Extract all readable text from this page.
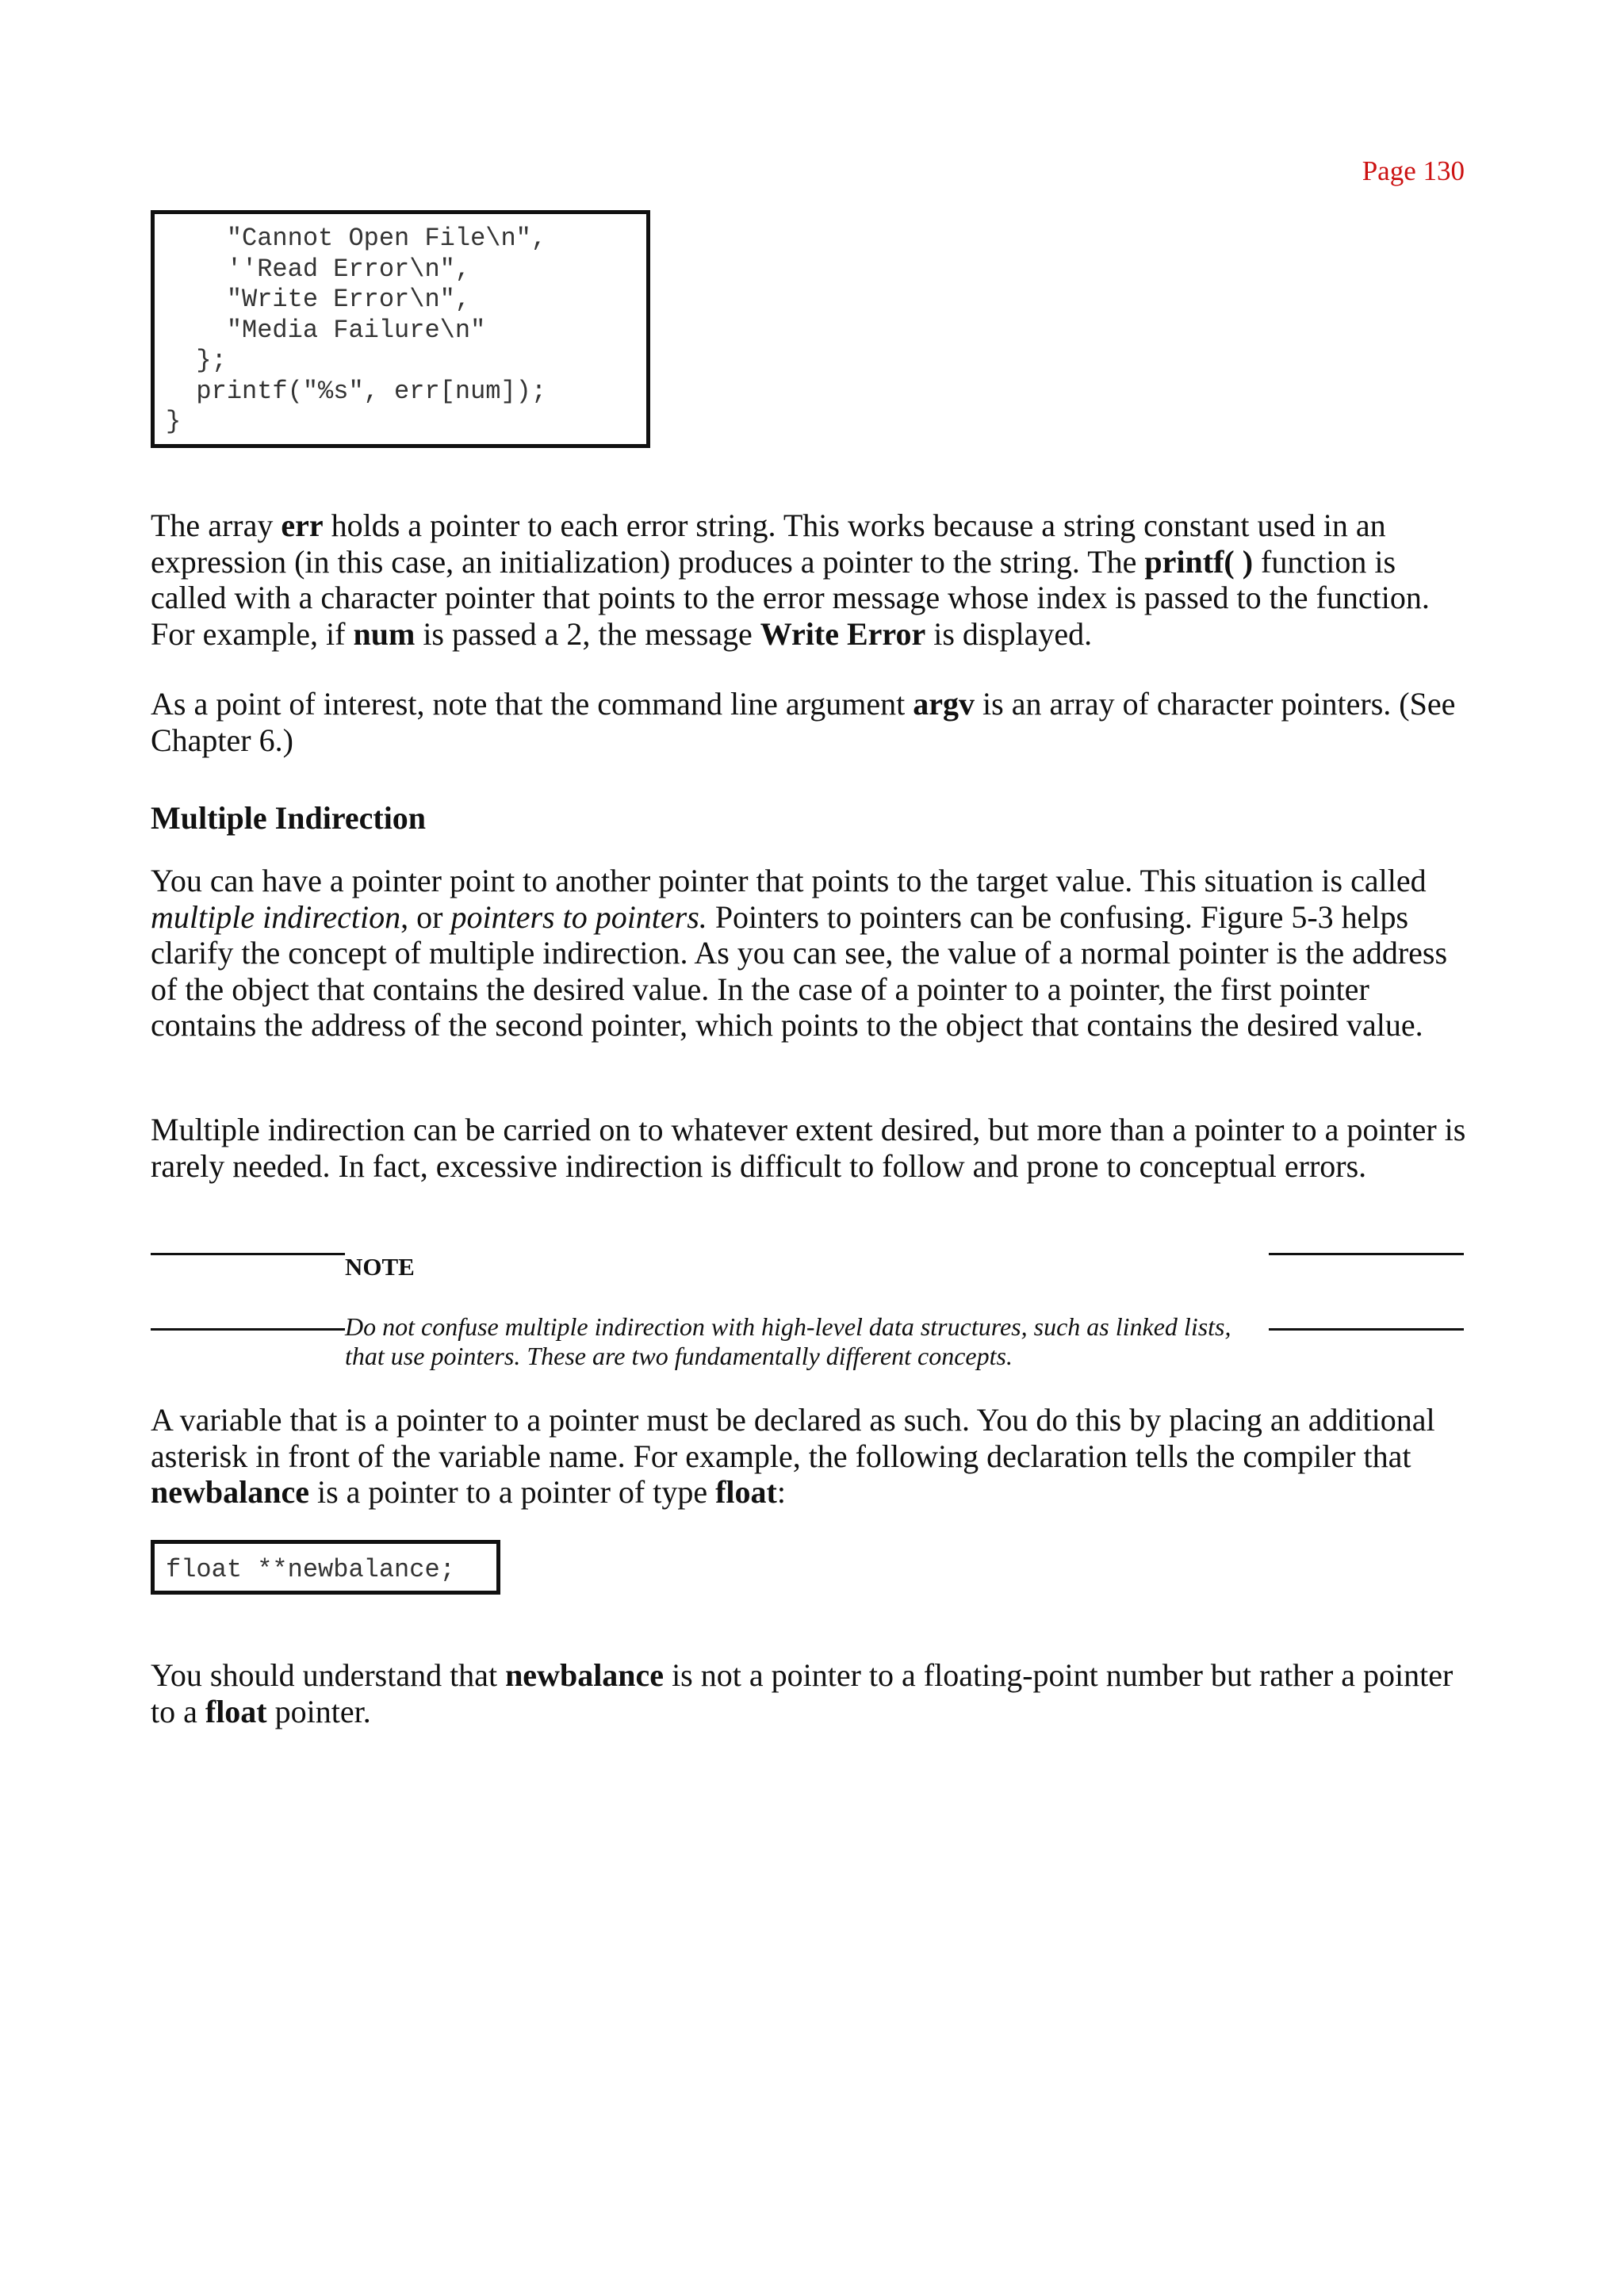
Page 130
"Cannot Open File\n",
''Read Error\n",
"Write Error\n",
"Media Failure\n"
};
printf("%s", err[num]);
}

The array err holds a pointer to each error string. This works because a string constant used in an expression (in this case, an initialization) produces a pointer to the string. The printf( ) function is called with a character pointer that points to the error message whose index is passed to the function. For example, if num is passed a 2, the message Write Error is displayed.

As a point of interest, note that the command line argument argv is an array of character pointers. (See Chapter 6.)

Multiple Indirection

You can have a pointer point to another pointer that points to the target value. This situation is called multiple indirection, or pointers to pointers. Pointers to pointers can be confusing. Figure 5-3 helps clarify the concept of multiple indirection. As you can see, the value of a normal pointer is the address of the object that contains the desired value. In the case of a pointer to a pointer, the first pointer contains the address of the second pointer, which points to the object that contains the desired value.

Multiple indirection can be carried on to whatever extent desired, but more than a pointer to a pointer is rarely needed. In fact, excessive indirection is difficult to follow and prone to conceptual errors.

NOTE

Do not confuse multiple indirection with high-level data structures, such as linked lists, that use pointers. These are two fundamentally different concepts.

A variable that is a pointer to a pointer must be declared as such. You do this by placing an additional asterisk in front of the variable name. For example, the following declaration tells the compiler that newbalance is a pointer to a pointer of type float:

float **newbalance;

You should understand that newbalance is not a pointer to a floating-point number but rather a pointer to a float pointer.
